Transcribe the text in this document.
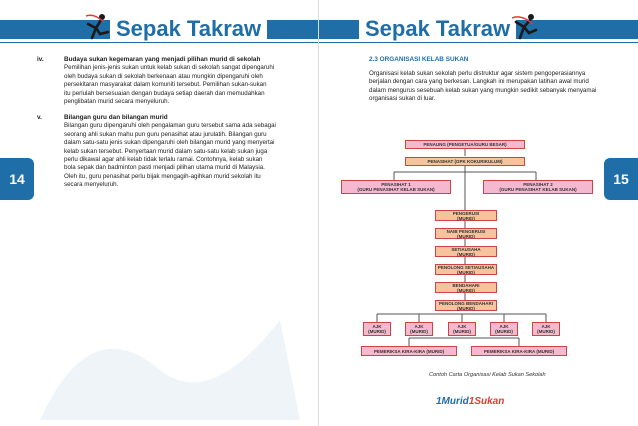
Sepak Takraw
14
iv.	Budaya sukan kegemaran yang menjadi pilihan murid di sekolah
Pemilihan jenis-jenis sukan untuk kelab sukan di sekolah sangat dipengaruhi
oleh budaya sukan di sekolah berkenaan atau mungkin dipengaruhi oleh
persekitaran masyarakat dalam komuniti tersebut. Pemilihan sukan-sukan
itu perlulah bersesuaian dengan budaya setiap daerah dan memudahkan
penglibatan murid secara menyeluruh.
v.	Bilangan guru dan bilangan murid
Bilangan guru dipengaruhi oleh pengalaman guru tersebut sama ada sebagai
seorang ahli sukan mahu pun guru penasihat atau jurulatih. Bilangan guru
dalam satu-satu jenis sukan dipengaruhi oleh bilangan murid yang menyertai
kelab sukan tersebut. Penyertaan murid dalam satu-satu kelab sukan juga
perlu dikawal agar ahli kelab tidak terlalu ramai. Contohnya, kelab sukan
bola sepak dan badminton pasti menjadi pilihan utama murid di Malaysia.
Oleh itu, guru penasihat perlu bijak mengagih-agihkan murid sekolah itu
secara menyeluruh.
Sepak Takraw
15
2.3 ORGANISASI KELAB SUKAN
Organisasi kelab sukan sekolah perlu distruktur agar sistem pengoperasiannya
berjalan dengan cara yang berkesan. Langkah ini merupakan latihan awal murid
dalam mengurus sesebuah kelab sukan yang mungkin sedikit sebanyak menyamai
organisasi sukan di luar.
PENAUNG (PENGETUA/GURU BESAR)
PENASIHAT (GPK KOKURIKULUM)
PENASIHAT 1
(GURU PENASIHAT KELAB SUKAN)
PENASIHAT 2
(GURU PENASIHAT KELAB SUKAN)
PENGERUSI
(MURID)
NAIB PENGERUSI
(MURID)
SETIAUSAHA
(MURID)
PENOLONG SETIAUSAHA
(MURID)
BENDAHARI
(MURID)
PENOLONG BENDAHARI
(MURID)
AJK
(MURID)
AJK
(MURID)
AJK
(MURID)
AJK
(MURID)
AJK
(MURID)
PEMERIKSA KIRA-KIRA (MURID)	PEMERIKSA KIRA-KIRA (MURID)
Contoh Carta Organisasi Kelab Sukan Sekolah
1Murid1Sukan
